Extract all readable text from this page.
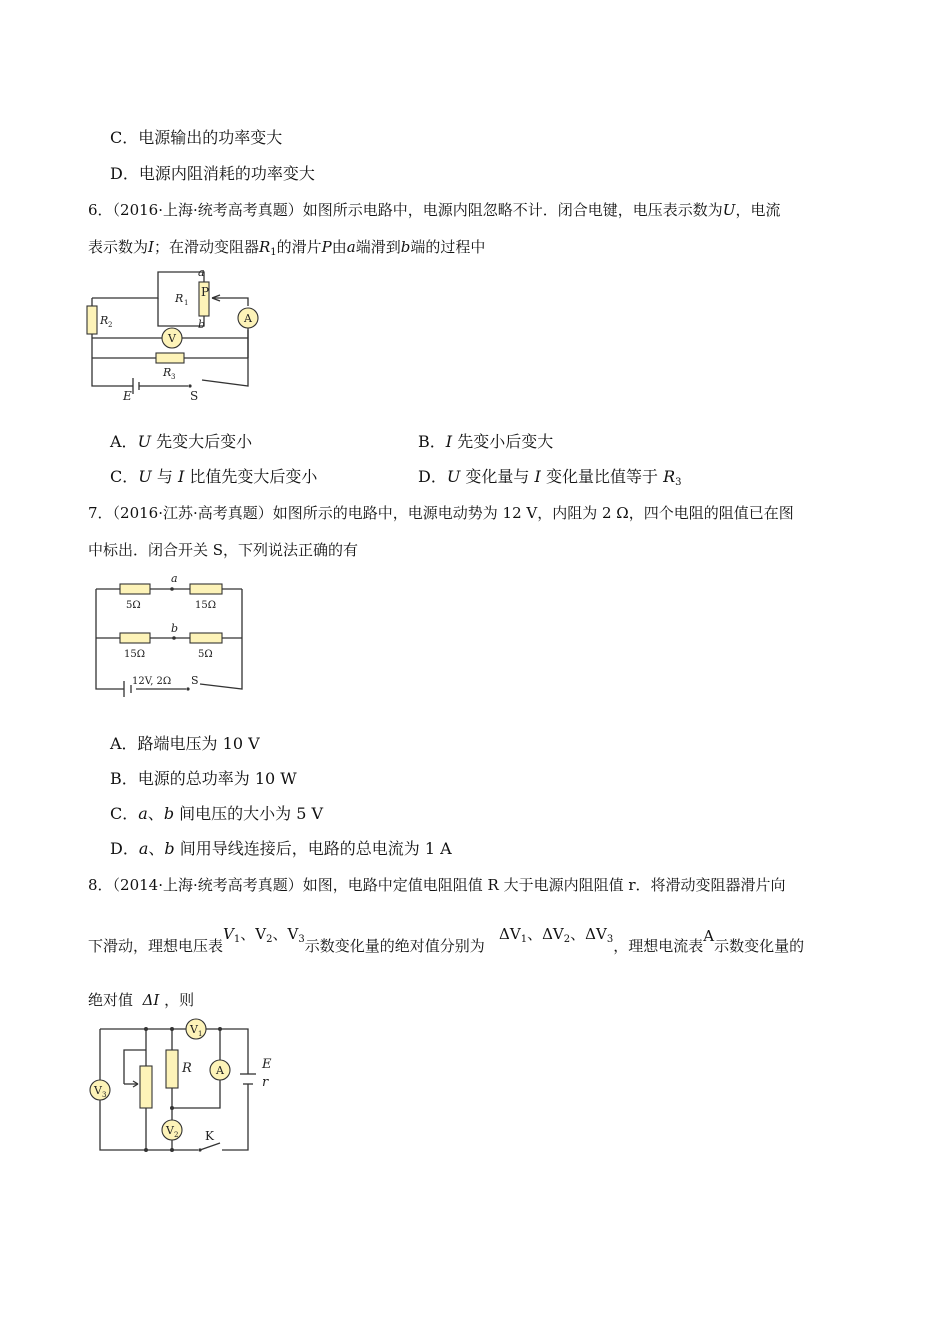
C．电源输出的功率变大
D．电源内阻消耗的功率变大
6．（2016·上海·统考高考真题）如图所示电路中，电源内阻忽略不计．闭合电键，电压表示数为U，电流
表示数为I；在滑动变阻器$R_1$的滑片P由a端滑到b端的过程中
a
P
R 1
b
R 2
V
A
R 3
E	S
A．U 先变大后变小	B．I 先变小后变大
C．U 与 I 比值先变大后变小	D．U 变化量与 I 变化量比值等于 $R_3$
7．（2016·江苏·高考真题）如图所示的电路中，电源电动势为 12 V，内阻为 2 Ω，四个电阻的阻值已在图
中标出．闭合开关 S，下列说法正确的有
a
b
5Ω	15Ω
15Ω	5Ω
12V, 2Ω S
A．路端电压为 10 V
B．电源的总功率为 10 W
C．a、b 间电压的大小为 5 V
D．a、b 间用导线连接后，电路的总电流为 1 A
8．（2014·上海·统考高考真题）如图，电路中定值电阻阻值 R 大于电源内阻阻值 r．将滑动变阻器滑片向
下滑动，理想电压表$V_1$、$V_2$、$V_3$示数变化量的绝对值分别为   $\Delta V_1$、$\Delta V_2$、$\Delta V_3$，理想电流表A示数变化量的
绝对值 ΔI ，则
V 1
V 2
V 3
R A	E
r
K
